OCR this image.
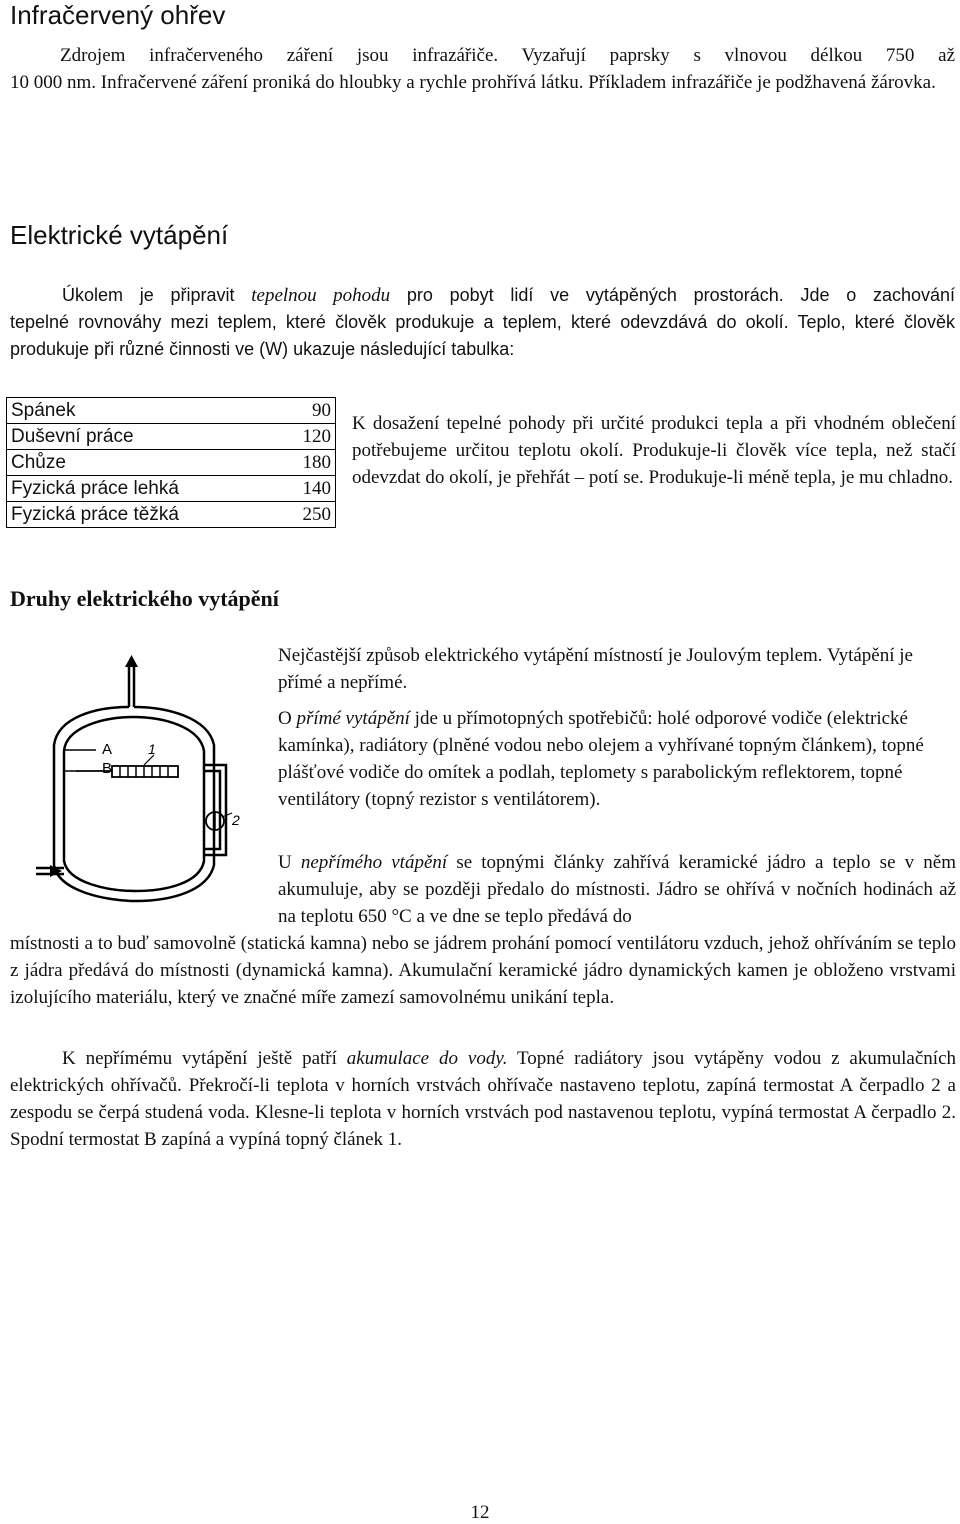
Infračervený ohřev

Zdrojem infračerveného záření jsou infrazářiče. Vyzařují paprsky s vlnovou délkou 750 až

10 000 nm. Infračervené záření proniká do hloubky a rychle prohřívá látku. Příkladem infrazářiče je podžhavená žárovka.

Elektrické vytápění

Úkolem je připravit tepelnou pohodu pro pobyt lidí ve vytápěných prostorách. Jde o zachování

tepelné rovnováhy mezi teplem, které člověk produkuje a teplem, které odevzdává do okolí. Teplo, které člověk produkuje při různé činnosti ve (W) ukazuje následující tabulka:

Spánek	90
Duševní práce	120
Chůze	180
Fyzická práce lehká	140
Fyzická práce těžká	250

K dosažení tepelné pohody při určité produkci tepla a při vhodném oblečení potřebujeme určitou teplotu okolí. Produkuje-li člověk více tepla, než stačí odevzdat do okolí, je přehřát – potí se. Produkuje-li méně tepla, je mu chladno.

Druhy elektrického vytápění

Nejčastější způsob elektrického vytápění místností je Joulovým teplem. Vytápění je přímé a nepřímé.

O přímé vytápění jde u přímotopných spotřebičů: holé odporové vodiče (elektrické kamínka), radiátory (plněné vodou nebo olejem a vyhřívané topným článkem), topné plášťové vodiče do omítek a podlah, teplomety s parabolickým reflektorem, topné ventilátory (topný rezistor s ventilátorem).

U nepřímého vtápění se topnými články zahřívá keramické jádro a teplo se v něm akumuluje, aby se později předalo do místnosti. Jádro se ohřívá v nočních hodinách až na teplotu 650 °C a ve dne se teplo předává do

místnosti a to buď samovolně (statická kamna) nebo se jádrem prohání pomocí ventilátoru vzduch, jehož ohříváním se teplo z jádra předává do místnosti (dynamická kamna). Akumulační keramické jádro dynamických kamen je obloženo vrstvami izolujícího materiálu, který ve značné míře zamezí samovolnému unikání tepla.

K nepřímému vytápění ještě patří akumulace do vody. Topné radiátory jsou vytápěny vodou z akumulačních elektrických ohřívačů. Překročí-li teplota v horních vrstvách ohřívače nastaveno teplotu, zapíná termostat A čerpadlo 2 a zespodu se čerpá studená voda. Klesne-li teplota v horních vrstvách pod nastavenou teplotu, vypíná termostat A čerpadlo 2. Spodní termostat B zapíná a vypíná topný článek 1.

A
B
1
2
12
